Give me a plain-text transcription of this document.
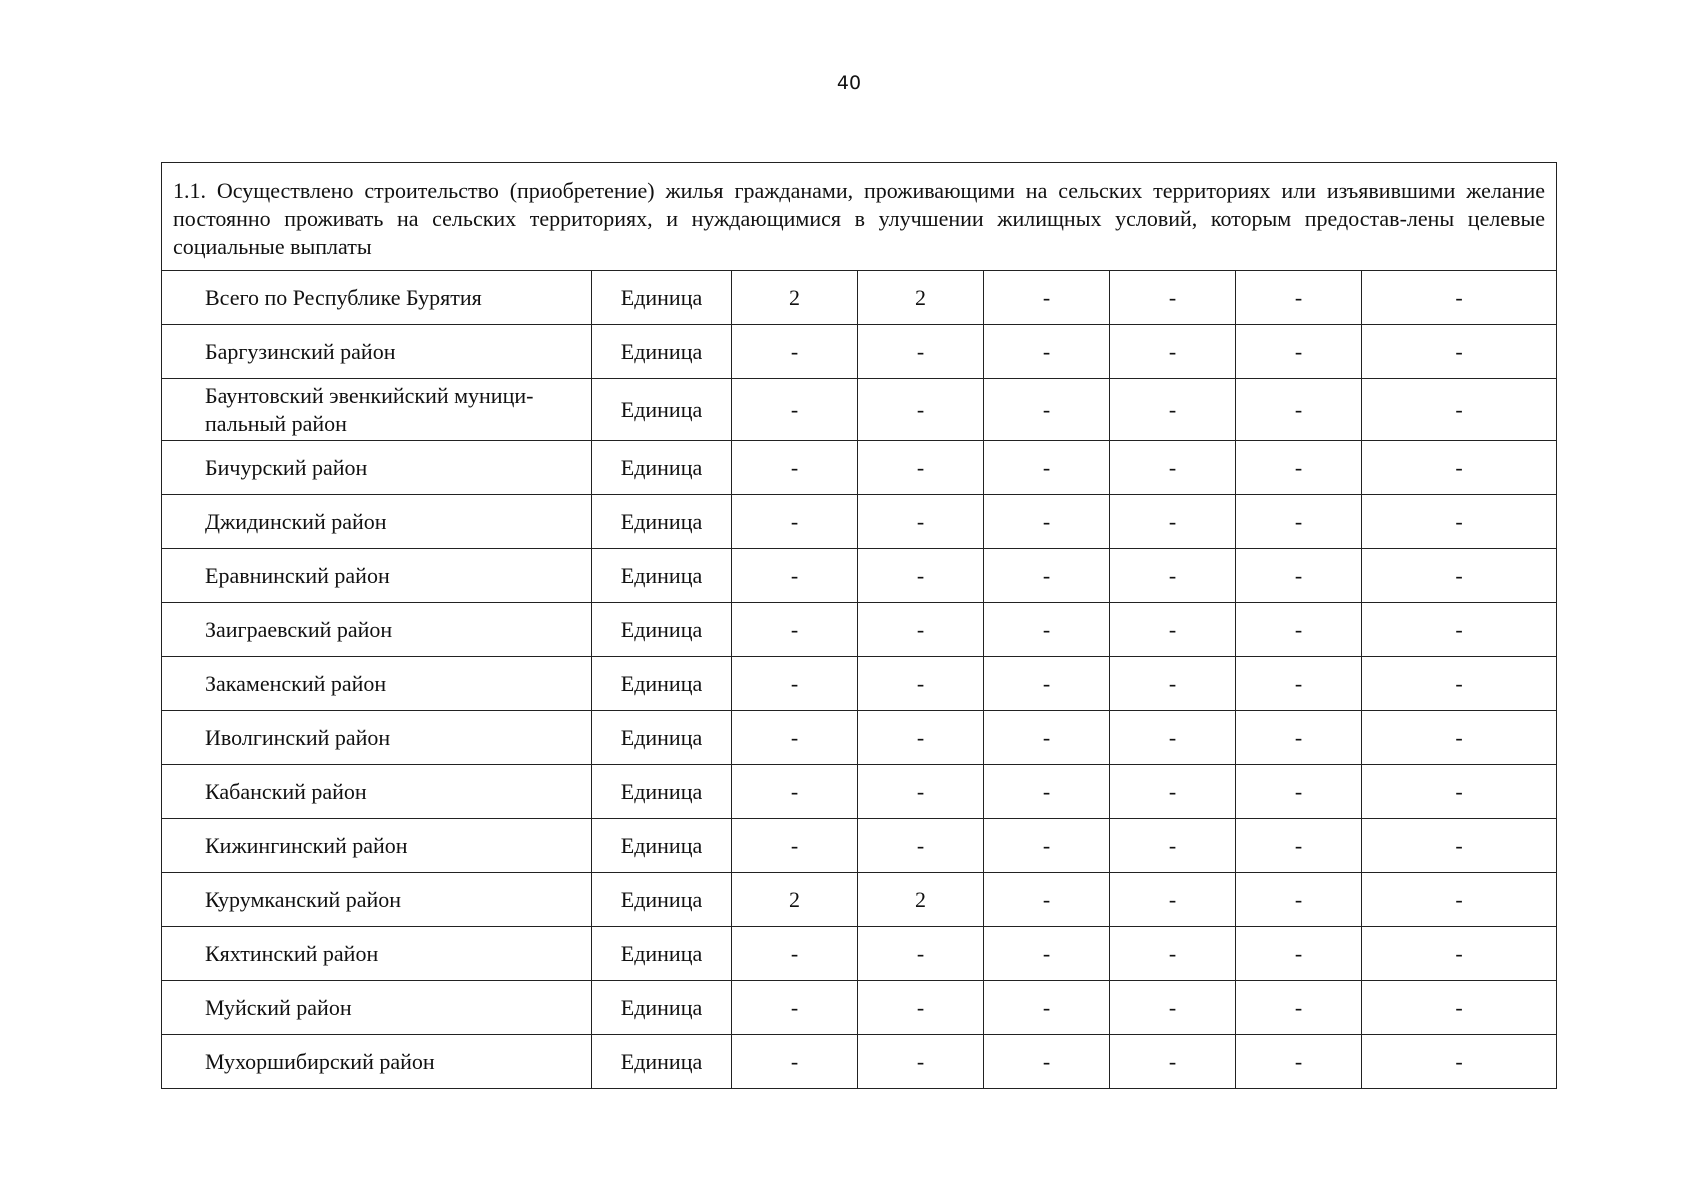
40
1.1. Осуществлено строительство (приобретение) жилья гражданами, проживающими на сельских территориях или изъявившими желание постоянно проживать на сельских территориях, и нуждающимися в улучшении жилищных условий, которым предостав-лены целевые социальные выплаты							
Всего по Республике Бурятия	Единица	2	2	-	-	-	-
Баргузинский район	Единица	-	-	-	-	-	-
Баунтовский эвенкийский муници-пальный район	Единица	-	-	-	-	-	-
Бичурский район	Единица	-	-	-	-	-	-
Джидинский район	Единица	-	-	-	-	-	-
Еравнинский район	Единица	-	-	-	-	-	-
Заиграевский район	Единица	-	-	-	-	-	-
Закаменский район	Единица	-	-	-	-	-	-
Иволгинский район	Единица	-	-	-	-	-	-
Кабанский район	Единица	-	-	-	-	-	-
Кижингинский район	Единица	-	-	-	-	-	-
Курумканский район	Единица	2	2	-	-	-	-
Кяхтинский район	Единица	-	-	-	-	-	-
Муйский район	Единица	-	-	-	-	-	-
Мухоршибирский район	Единица	-	-	-	-	-	-
